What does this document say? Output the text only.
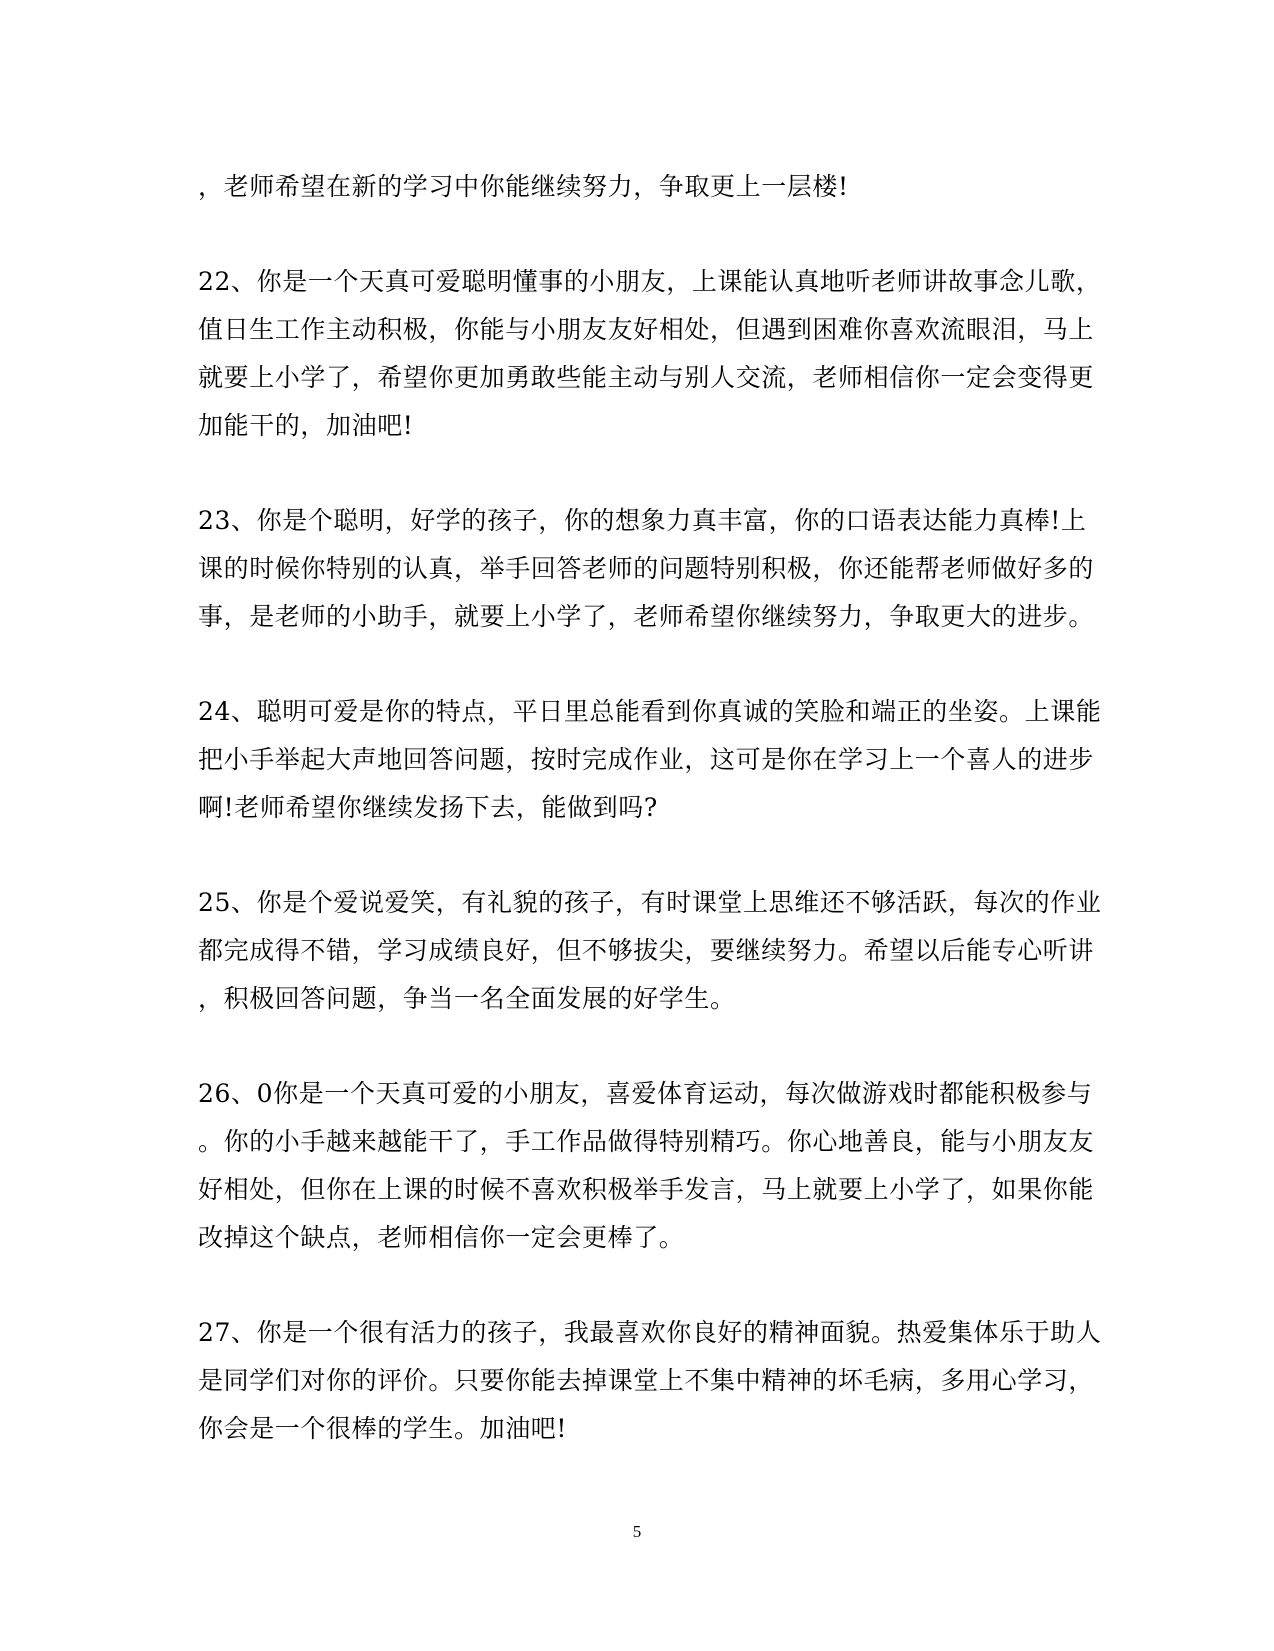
，老师希望在新的学习中你能继续努力，争取更上一层楼!

22、你是一个天真可爱聪明懂事的小朋友，上课能认真地听老师讲故事念儿歌，
值日生工作主动积极，你能与小朋友友好相处，但遇到困难你喜欢流眼泪，马上
就要上小学了，希望你更加勇敢些能主动与别人交流，老师相信你一定会变得更
加能干的，加油吧!

23、你是个聪明，好学的孩子，你的想象力真丰富，你的口语表达能力真棒!上
课的时候你特别的认真，举手回答老师的问题特别积极，你还能帮老师做好多的
事，是老师的小助手，就要上小学了，老师希望你继续努力，争取更大的进步。

24、聪明可爱是你的特点，平日里总能看到你真诚的笑脸和端正的坐姿。上课能
把小手举起大声地回答问题，按时完成作业，这可是你在学习上一个喜人的进步
啊!老师希望你继续发扬下去，能做到吗?

25、你是个爱说爱笑，有礼貌的孩子，有时课堂上思维还不够活跃，每次的作业
都完成得不错，学习成绩良好，但不够拔尖，要继续努力。希望以后能专心听讲
，积极回答问题，争当一名全面发展的好学生。

26、0你是一个天真可爱的小朋友，喜爱体育运动，每次做游戏时都能积极参与
。你的小手越来越能干了，手工作品做得特别精巧。你心地善良，能与小朋友友
好相处，但你在上课的时候不喜欢积极举手发言，马上就要上小学了，如果你能
改掉这个缺点，老师相信你一定会更棒了。

27、你是一个很有活力的孩子，我最喜欢你良好的精神面貌。热爱集体乐于助人
是同学们对你的评价。只要你能去掉课堂上不集中精神的坏毛病，多用心学习，
你会是一个很棒的学生。加油吧!

5
